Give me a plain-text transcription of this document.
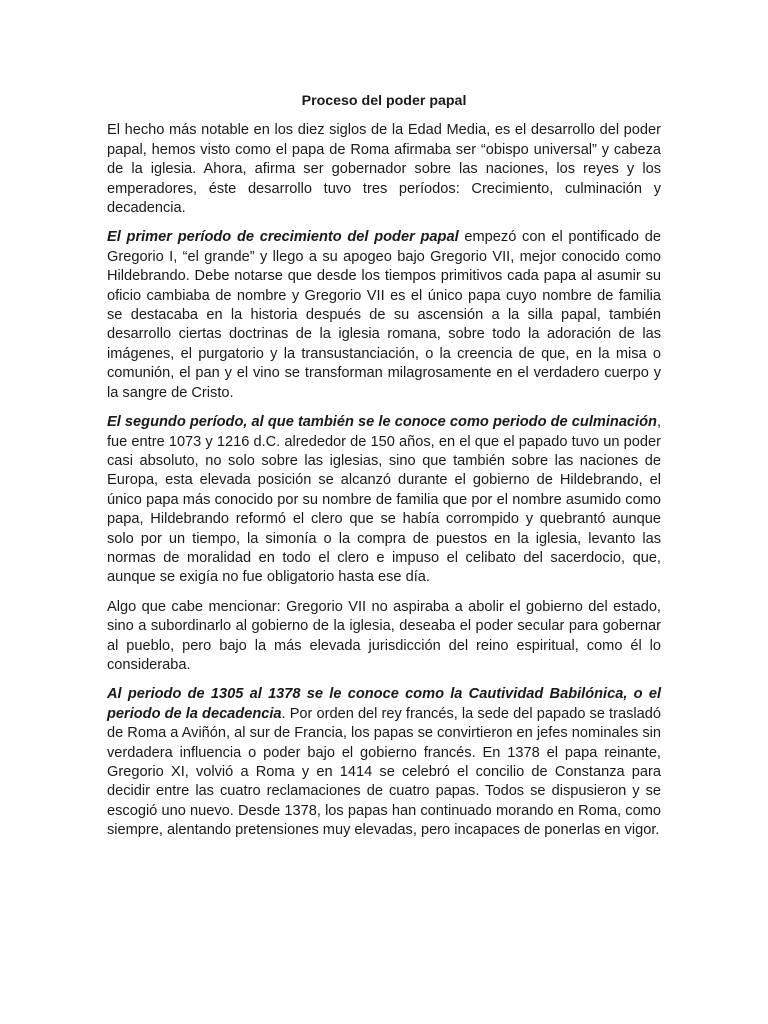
Proceso del poder papal

El hecho más notable en los diez siglos de la Edad Media, es el desarrollo del poder papal, hemos visto como el papa de Roma afirmaba ser “obispo universal” y cabeza de la iglesia. Ahora, afirma ser gobernador sobre las naciones, los reyes y los emperadores, éste desarrollo tuvo tres períodos: Crecimiento, culminación y decadencia.

El primer período de crecimiento del poder papal empezó con el pontificado de Gregorio I, “el grande” y llego a su apogeo bajo Gregorio VII, mejor conocido como Hildebrando. Debe notarse que desde los tiempos primitivos cada papa al asumir su oficio cambiaba de nombre y Gregorio VII es el único papa cuyo nombre de familia se destacaba en la historia después de su ascensión a la silla papal, también desarrollo ciertas doctrinas de la iglesia romana, sobre todo la adoración de las imágenes, el purgatorio y la transustanciación, o la creencia de que, en la misa o comunión, el pan y el vino se transforman milagrosamente en el verdadero cuerpo y la sangre de Cristo.

El segundo período, al que también se le conoce como periodo de culminación, fue entre 1073 y 1216 d.C. alrededor de 150 años, en el que el papado tuvo un poder casi absoluto, no solo sobre las iglesias, sino que también sobre las naciones de Europa, esta elevada posición se alcanzó durante el gobierno de Hildebrando, el único papa más conocido por su nombre de familia que por el nombre asumido como papa, Hildebrando reformó el clero que se había corrompido y quebrantó aunque solo por un tiempo, la simonía o la compra de puestos en la iglesia, levanto las normas de moralidad en todo el clero e impuso el celibato del sacerdocio, que, aunque se exigía no fue obligatorio hasta ese día.

Algo que cabe mencionar: Gregorio VII no aspiraba a abolir el gobierno del estado, sino a subordinarlo al gobierno de la iglesia, deseaba el poder secular para gobernar al pueblo, pero bajo la más elevada jurisdicción del reino espiritual, como él lo consideraba.

Al periodo de 1305 al 1378 se le conoce como la Cautividad Babilónica, o el periodo de la decadencia. Por orden del rey francés, la sede del papado se trasladó de Roma a Aviñón, al sur de Francia, los papas se convirtieron en jefes nominales sin verdadera influencia o poder bajo el gobierno francés. En 1378 el papa reinante, Gregorio XI, volvió a Roma y en 1414 se celebró el concilio de Constanza para decidir entre las cuatro reclamaciones de cuatro papas. Todos se dispusieron y se escogió uno nuevo. Desde 1378, los papas han continuado morando en Roma, como siempre, alentando pretensiones muy elevadas, pero incapaces de ponerlas en vigor.
